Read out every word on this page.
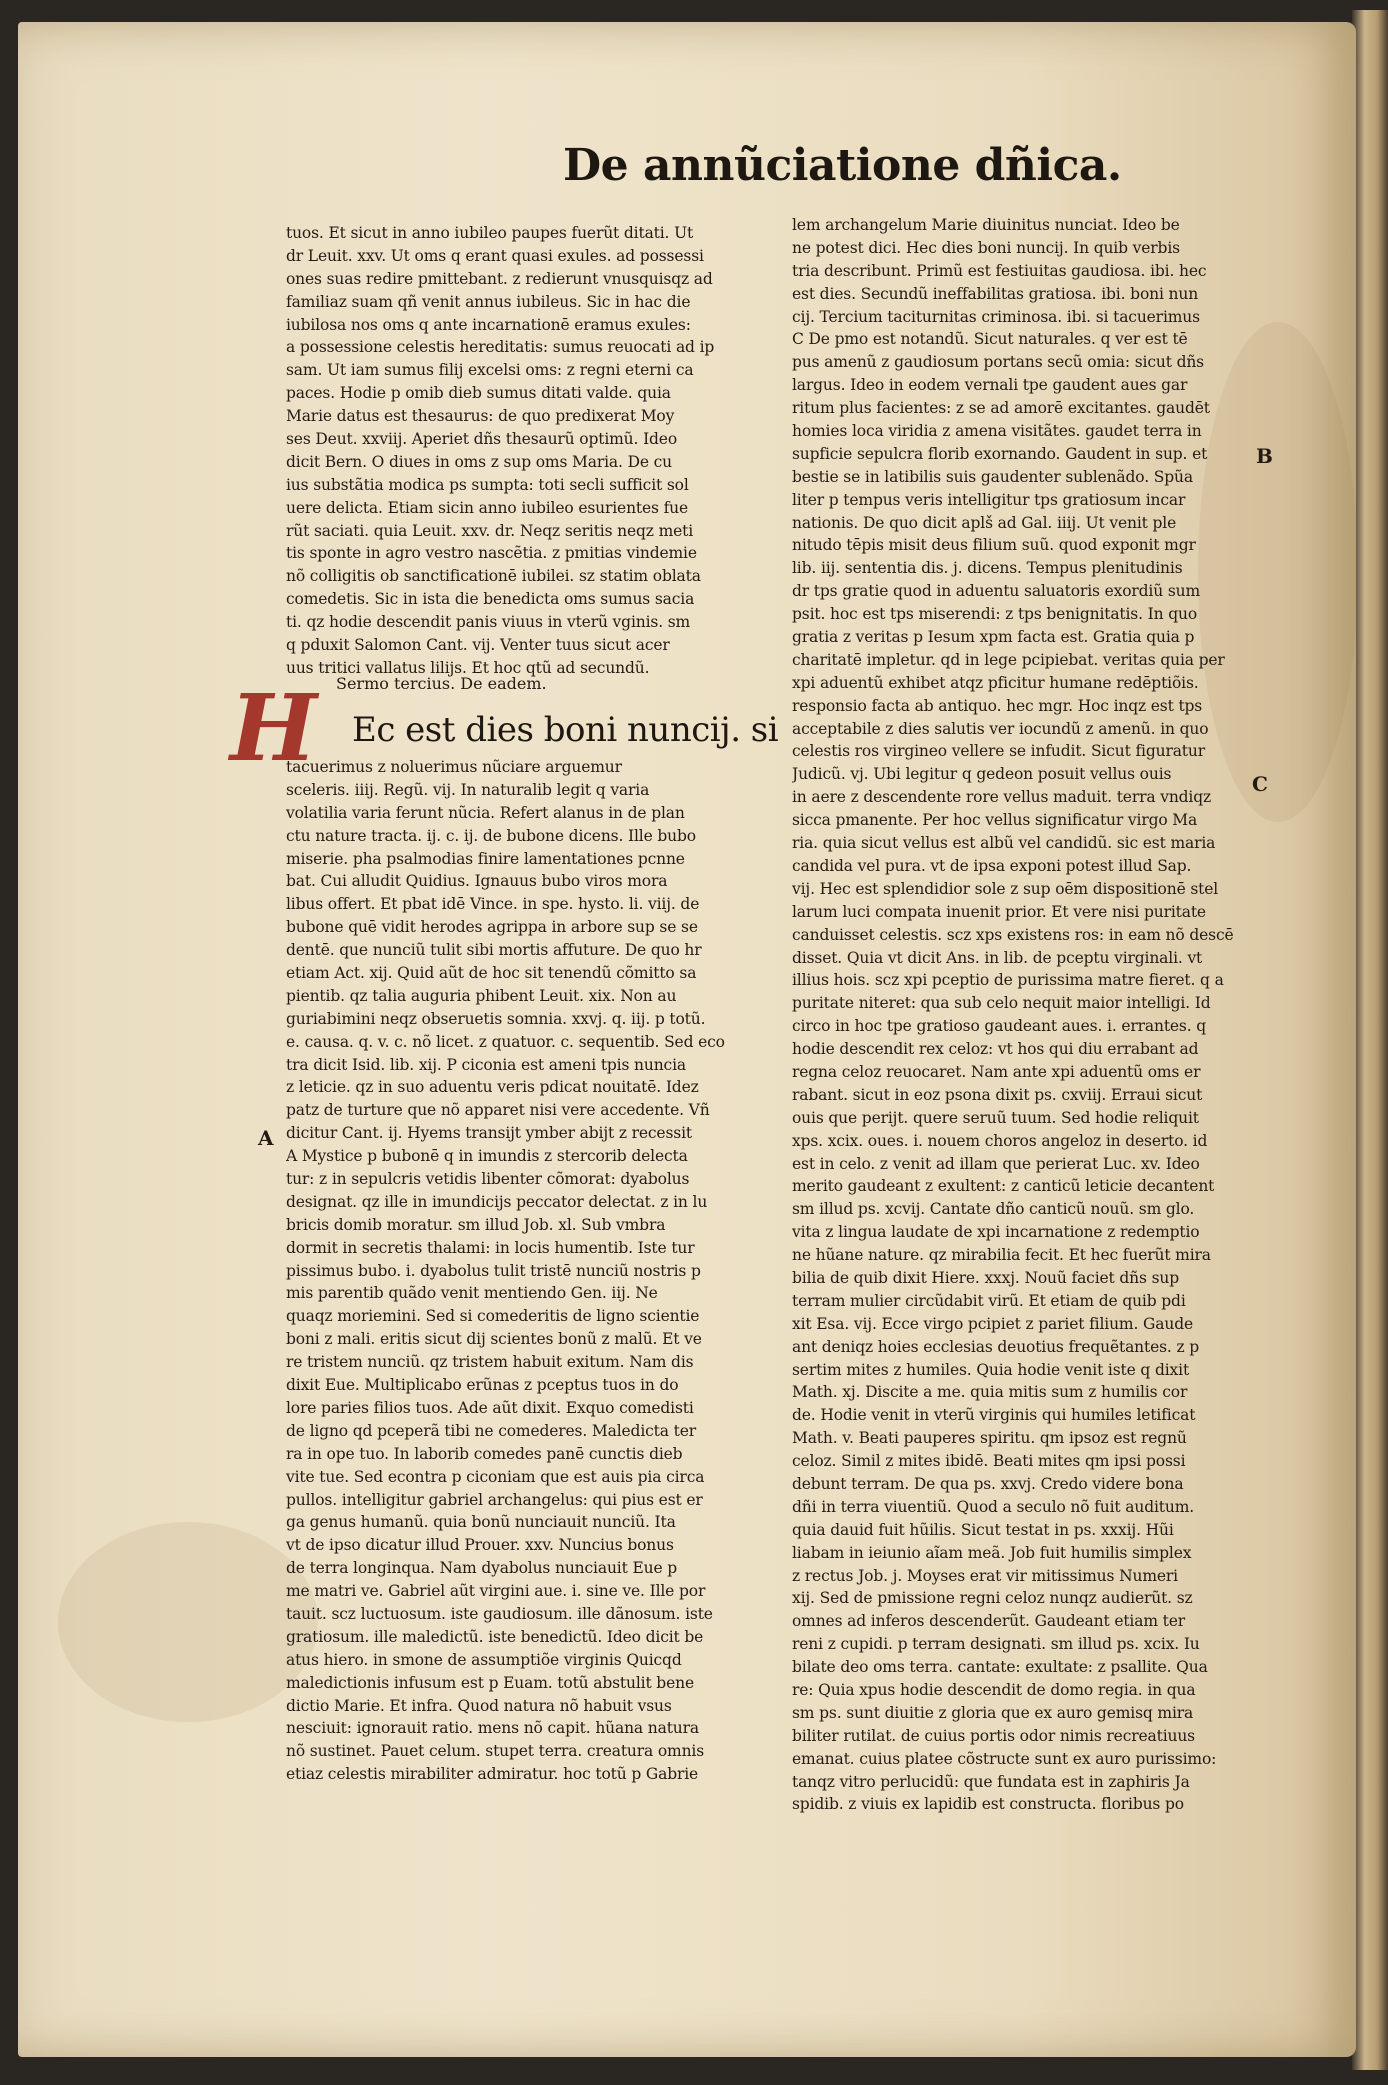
De annũciatione dñica.
tuos. Et sicut in anno iubileo paupes fuerũt ditati. Ut
dr Leuit. xxv. Ut oms q erant quasi exules. ad possessi
ones suas redire pmittebant. z redierunt vnusquisqz ad
familiaz suam qñ venit annus iubileus. Sic in hac die
iubilosa nos oms q ante incarnationē eramus exules:
a possessione celestis hereditatis: sumus reuocati ad ip
sam. Ut iam sumus filij excelsi oms: z regni eterni ca
paces. Hodie p omib dieb sumus ditati valde. quia
Marie datus est thesaurus: de quo predixerat Moy
ses Deut. xxviij. Aperiet dñs thesaurũ optimũ. Ideo
dicit Bern. O diues in oms z sup oms Maria. De cu
ius substãtia modica ps sumpta: toti secli sufficit sol
uere delicta. Etiam sicin anno iubileo esurientes fue
rũt saciati. quia Leuit. xxv. dr. Neqz seritis neqz meti
tis sponte in agro vestro nascẽtia. z pmitias vindemie
nõ colligitis ob sanctificationē iubilei. sz statim oblata
comedetis. Sic in ista die benedicta oms sumus sacia
ti. qz hodie descendit panis viuus in vterũ vginis. sm
q pduxit Salomon Cant. vij. Venter tuus sicut acer
uus tritici vallatus lilijs. Et hoc qtũ ad secundũ.
Sermo tercius. De eadem.
H	Ec est dies boni nuncij. si
tacuerimus z noluerimus nũciare arguemur
sceleris. iiij. Regũ. vij. In naturalib legit q varia
volatilia varia ferunt nũcia. Refert alanus in de plan
ctu nature tracta. ij. c. ij. de bubone dicens. Ille bubo
miserie. pha psalmodias finire lamentationes pcnne
bat. Cui alludit Quidius. Ignauus bubo viros mora
libus offert. Et pbat idē Vince. in spe. hysto. li. viij. de
bubone quē vidit herodes agrippa in arbore sup se se
dentē. que nunciũ tulit sibi mortis affuture. De quo hr
etiam Act. xij. Quid aũt de hoc sit tenendũ cõmitto sa
pientib. qz talia auguria phibent Leuit. xix. Non au
guriabimini neqz obseruetis somnia. xxvj. q. iij. p totũ.
e. causa. q. v. c. nõ licet. z quatuor. c. sequentib. Sed eco
tra dicit Isid. lib. xij. P ciconia est ameni tpis nuncia
z leticie. qz in suo aduentu veris pdicat nouitatē. Idez
patz de turture que nõ apparet nisi vere accedente. Vñ
dicitur Cant. ij. Hyems transijt ymber abijt z recessit
A Mystice p bubonē q in imundis z stercorib delecta
tur: z in sepulcris vetidis libenter cõmorat: dyabolus
designat. qz ille in imundicijs peccator delectat. z in lu
bricis domib moratur. sm illud Job. xl. Sub vmbra
dormit in secretis thalami: in locis humentib. Iste tur
pissimus bubo. i. dyabolus tulit tristē nunciũ nostris p
mis parentib quãdo venit mentiendo Gen. iij. Ne
quaqz moriemini. Sed si comederitis de ligno scientie
boni z mali. eritis sicut dij scientes bonũ z malũ. Et ve
re tristem nunciũ. qz tristem habuit exitum. Nam dis
dixit Eue. Multiplicabo erũnas z pceptus tuos in do
lore paries filios tuos. Ade aũt dixit. Exquo comedisti
de ligno qd pceperã tibi ne comederes. Maledicta ter
ra in ope tuo. In laborib comedes panē cunctis dieb
vite tue. Sed econtra p ciconiam que est auis pia circa
pullos. intelligitur gabriel archangelus: qui pius est er
ga genus humanũ. quia bonũ nunciauit nunciũ. Ita
vt de ipso dicatur illud Prouer. xxv. Nuncius bonus
de terra longinqua. Nam dyabolus nunciauit Eue p
me matri ve. Gabriel aũt virgini aue. i. sine ve. Ille por
tauit. scz luctuosum. iste gaudiosum. ille dãnosum. iste
gratiosum. ille maledictũ. iste benedictũ. Ideo dicit be
atus hiero. in smone de assumptiõe virginis Quicqd
maledictionis infusum est p Euam. totũ abstulit bene
dictio Marie. Et infra. Quod natura nõ habuit vsus
nesciuit: ignorauit ratio. mens nõ capit. hũana natura
nõ sustinet. Pauet celum. stupet terra. creatura omnis
etiaz celestis mirabiliter admiratur. hoc totũ p Gabrie
lem archangelum Marie diuinitus nunciat. Ideo be
ne potest dici. Hec dies boni nuncij. In quib verbis
tria describunt. Primũ est festiuitas gaudiosa. ibi. hec
est dies. Secundũ ineffabilitas gratiosa. ibi. boni nun
cij. Tercium taciturnitas criminosa. ibi. si tacuerimus
C De pmo est notandũ. Sicut naturales. q ver est tē
pus amenũ z gaudiosum portans secũ omia: sicut dñs
largus. Ideo in eodem vernali tpe gaudent aues gar
ritum plus facientes: z se ad amorē excitantes. gaudēt
homies loca viridia z amena visitãtes. gaudet terra in
supficie sepulcra florib exornando. Gaudent in sup. et
bestie se in latibilis suis gaudenter sublenãdo. Spũa
liter p tempus veris intelligitur tps gratiosum incar
nationis. De quo dicit aplš ad Gal. iiij. Ut venit ple
nitudo tēpis misit deus filium suũ. quod exponit mgr
lib. iij. sententia dis. j. dicens. Tempus plenitudinis
dr tps gratie quod in aduentu saluatoris exordiũ sum
psit. hoc est tps miserendi: z tps benignitatis. In quo
gratia z veritas p Iesum xpm facta est. Gratia quia p
charitatē impletur. qd in lege pcipiebat. veritas quia per
xpi aduentũ exhibet atqz pficitur humane redēptiõis.
responsio facta ab antiquo. hec mgr. Hoc inqz est tps
acceptabile z dies salutis ver iocundũ z amenũ. in quo
celestis ros virgineo vellere se infudit. Sicut figuratur
Judicũ. vj. Ubi legitur q gedeon posuit vellus ouis
in aere z descendente rore vellus maduit. terra vndiqz
sicca pmanente. Per hoc vellus significatur virgo Ma
ria. quia sicut vellus est albũ vel candidũ. sic est maria
candida vel pura. vt de ipsa exponi potest illud Sap.
vij. Hec est splendidior sole z sup oēm dispositionē stel
larum luci compata inuenit prior. Et vere nisi puritate
canduisset celestis. scz xps existens ros: in eam nõ descē
disset. Quia vt dicit Ans. in lib. de pceptu virginali. vt
illius hois. scz xpi pceptio de purissima matre fieret. q a
puritate niteret: qua sub celo nequit maior intelligi. Id
circo in hoc tpe gratioso gaudeant aues. i. errantes. q
hodie descendit rex celoz: vt hos qui diu errabant ad
regna celoz reuocaret. Nam ante xpi aduentũ oms er
rabant. sicut in eoz psona dixit ps. cxviij. Erraui sicut
ouis que perijt. quere seruũ tuum. Sed hodie reliquit
xps. xcix. oues. i. nouem choros angeloz in deserto. id
est in celo. z venit ad illam que perierat Luc. xv. Ideo
merito gaudeant z exultent: z canticũ leticie decantent
sm illud ps. xcvij. Cantate dño canticũ nouũ. sm glo.
vita z lingua laudate de xpi incarnatione z redemptio
ne hũane nature. qz mirabilia fecit. Et hec fuerũt mira
bilia de quib dixit Hiere. xxxj. Nouũ faciet dñs sup
terram mulier circũdabit virũ. Et etiam de quib pdi
xit Esa. vij. Ecce virgo pcipiet z pariet filium. Gaude
ant deniqz hoies ecclesias deuotius frequẽtantes. z p
sertim mites z humiles. Quia hodie venit iste q dixit
Math. xj. Discite a me. quia mitis sum z humilis cor
de. Hodie venit in vterũ virginis qui humiles letificat
Math. v. Beati pauperes spiritu. qm ipsoz est regnũ
celoz. Simil z mites ibidē. Beati mites qm ipsi possi
debunt terram. De qua ps. xxvj. Credo videre bona
dñi in terra viuentiũ. Quod a seculo nõ fuit auditum.
quia dauid fuit hũilis. Sicut testat in ps. xxxij. Hũi
liabam in ieiunio aĩam meã. Job fuit humilis simplex
z rectus Job. j. Moyses erat vir mitissimus Numeri
xij. Sed de pmissione regni celoz nunqz audierũt. sz
omnes ad inferos descenderũt. Gaudeant etiam ter
reni z cupidi. p terram designati. sm illud ps. xcix. Iu
bilate deo oms terra. cantate: exultate: z psallite. Qua
re: Quia xpus hodie descendit de domo regia. in qua
sm ps. sunt diuitie z gloria que ex auro gemisq mira
biliter rutilat. de cuius portis odor nimis recreatiuus
emanat. cuius platee cõstructe sunt ex auro purissimo:
tanqz vitro perlucidũ: que fundata est in zaphiris Ja
spidib. z viuis ex lapidib est constructa. floribus po
A
B
C
